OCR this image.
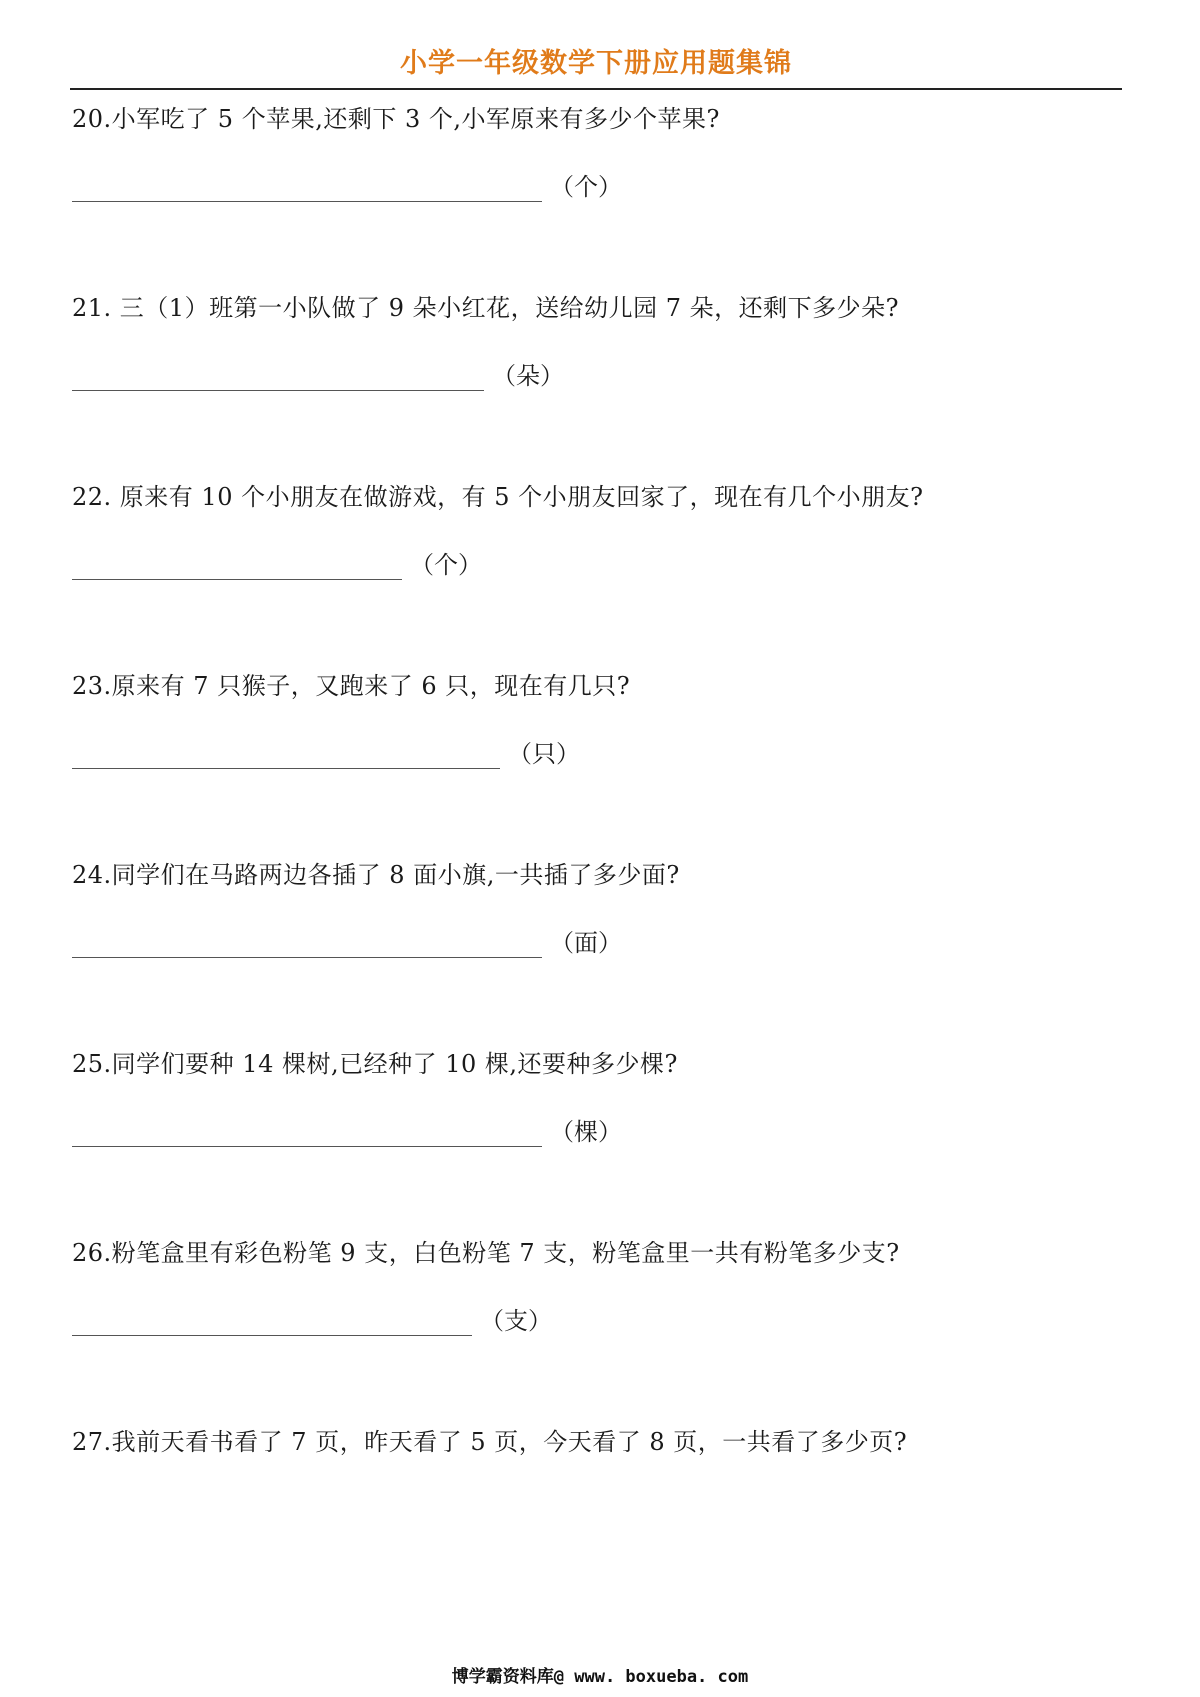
小学一年级数学下册应用题集锦
20.小军吃了 5 个苹果,还剩下 3 个,小军原来有多少个苹果?
（个）
21. 三（1）班第一小队做了 9 朵小红花，送给幼儿园 7 朵，还剩下多少朵?
（朵）
22. 原来有 10 个小朋友在做游戏，有 5 个小朋友回家了，现在有几个小朋友?
（个）
23.原来有 7 只猴子，又跑来了 6 只，现在有几只?
（只）
24.同学们在马路两边各插了 8 面小旗,一共插了多少面?
（面）
25.同学们要种 14 棵树,已经种了 10 棵,还要种多少棵?
（棵）
26.粉笔盒里有彩色粉笔 9 支，白色粉笔 7 支，粉笔盒里一共有粉笔多少支?
（支）
27.我前天看书看了 7 页，昨天看了 5 页，今天看了 8 页，一共看了多少页?
博学霸资料库@ www. boxueba. com
